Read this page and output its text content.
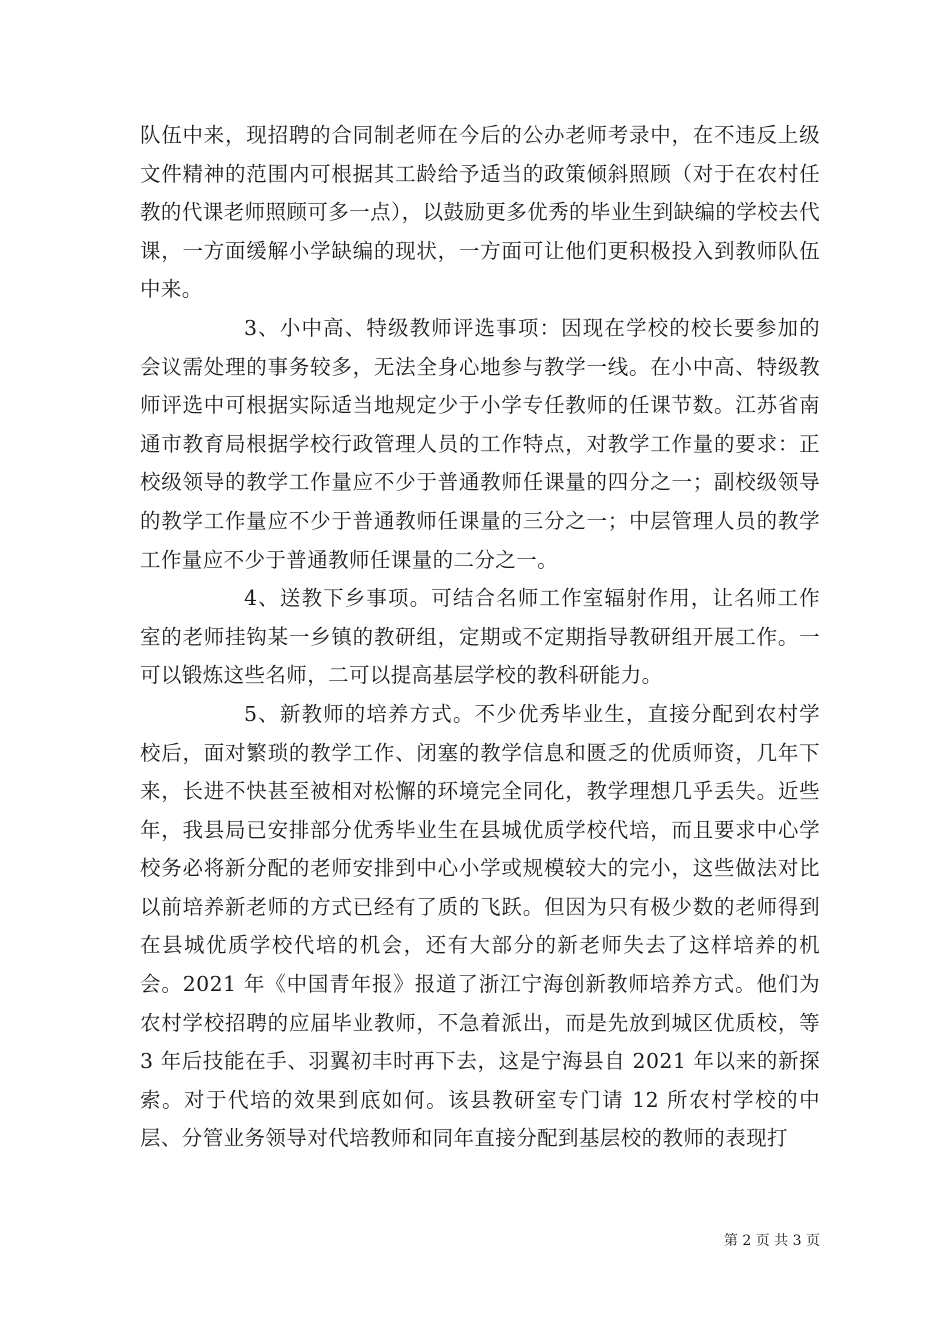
队伍中来，现招聘的合同制老师在今后的公办老师考录中，在不违反上级文件精神的范围内可根据其工龄给予适当的政策倾斜照顾（对于在农村任教的代课老师照顾可多一点），以鼓励更多优秀的毕业生到缺编的学校去代课，一方面缓解小学缺编的现状，一方面可让他们更积极投入到教师队伍中来。

3、小中高、特级教师评选事项：因现在学校的校长要参加的会议需处理的事务较多，无法全身心地参与教学一线。在小中高、特级教师评选中可根据实际适当地规定少于小学专任教师的任课节数。江苏省南通市教育局根据学校行政管理人员的工作特点，对教学工作量的要求：正校级领导的教学工作量应不少于普通教师任课量的四分之一；副校级领导的教学工作量应不少于普通教师任课量的三分之一；中层管理人员的教学工作量应不少于普通教师任课量的二分之一。

4、送教下乡事项。可结合名师工作室辐射作用，让名师工作室的老师挂钩某一乡镇的教研组，定期或不定期指导教研组开展工作。一可以锻炼这些名师，二可以提高基层学校的教科研能力。

5、新教师的培养方式。不少优秀毕业生，直接分配到农村学校后，面对繁琐的教学工作、闭塞的教学信息和匮乏的优质师资，几年下来，长进不快甚至被相对松懈的环境完全同化，教学理想几乎丢失。近些年，我县局已安排部分优秀毕业生在县城优质学校代培，而且要求中心学校务必将新分配的老师安排到中心小学或规模较大的完小，这些做法对比以前培养新老师的方式已经有了质的飞跃。但因为只有极少数的老师得到在县城优质学校代培的机会，还有大部分的新老师失去了这样培养的机会。2021 年《中国青年报》报道了浙江宁海创新教师培养方式。他们为农村学校招聘的应届毕业教师，不急着派出，而是先放到城区优质校，等 3 年后技能在手、羽翼初丰时再下去，这是宁海县自 2021 年以来的新探索。对于代培的效果到底如何。该县教研室专门请 12 所农村学校的中层、分管业务领导对代培教师和同年直接分配到基层校的教师的表现打

第 2 页 共 3 页
